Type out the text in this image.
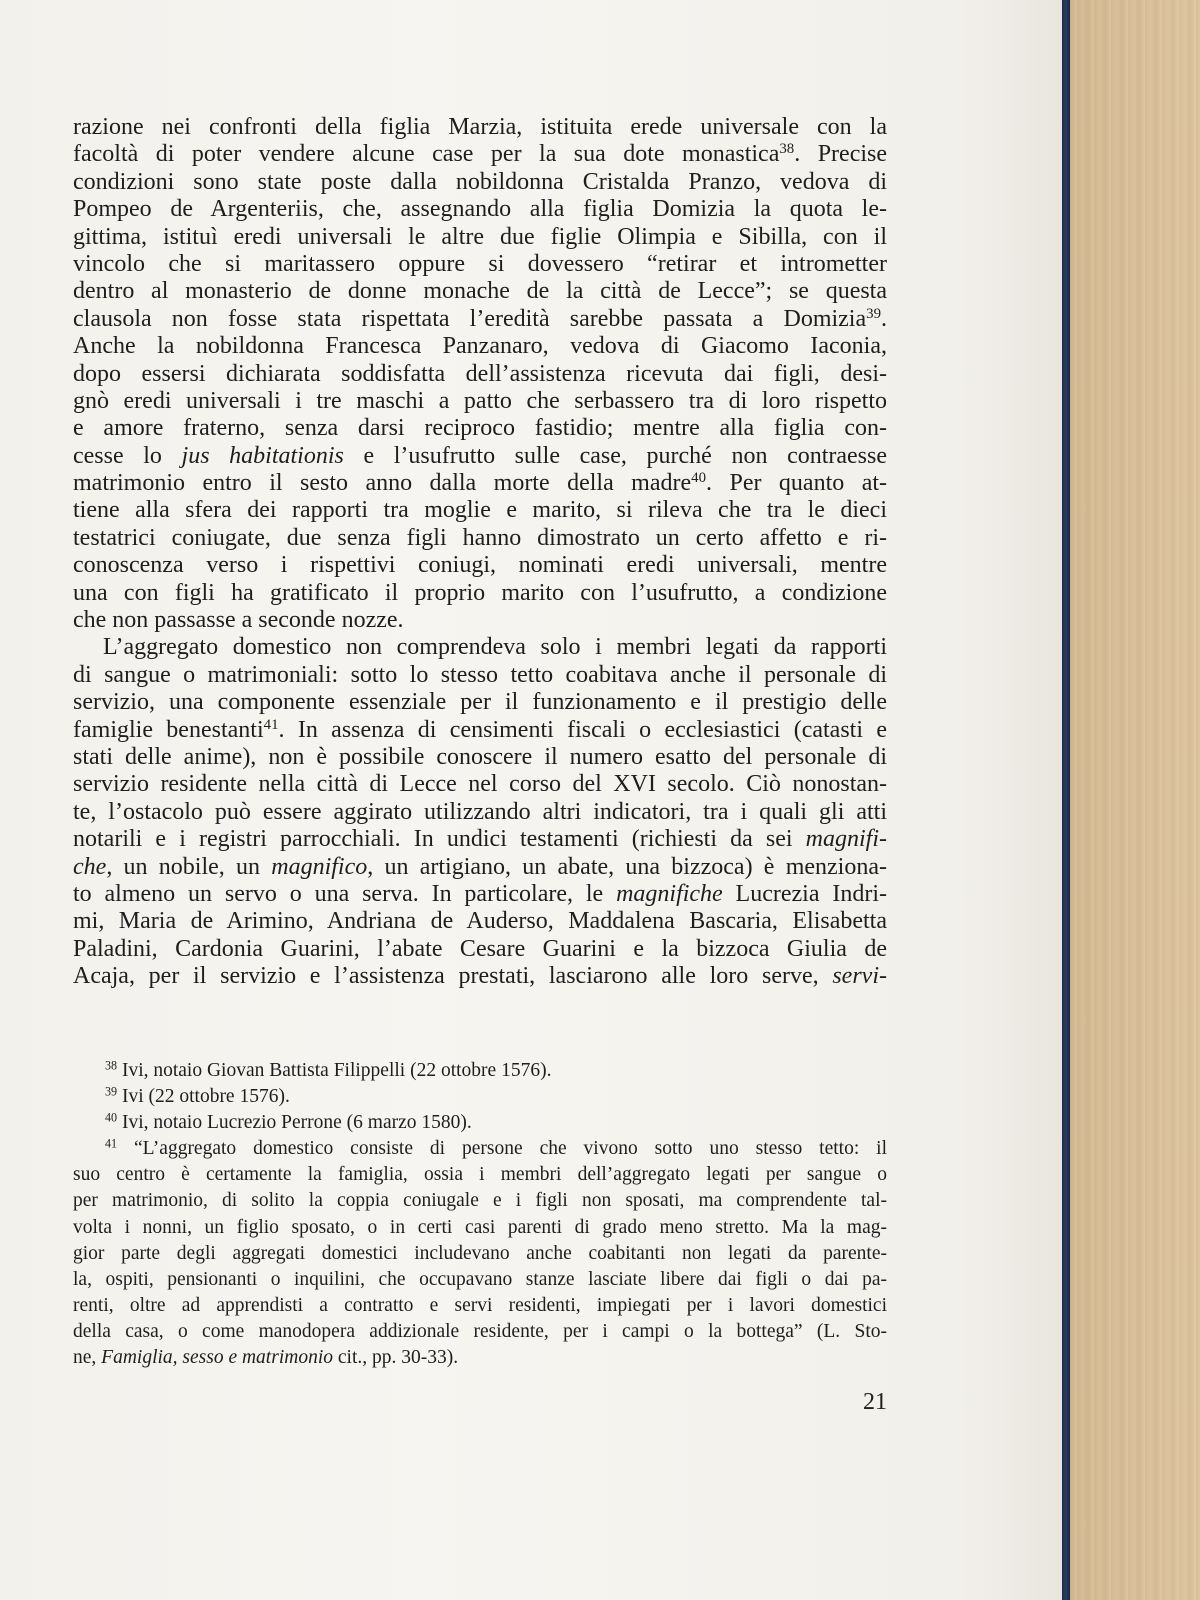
razione nei confronti della figlia Marzia, istituita erede universale con la
facoltà di poter vendere alcune case per la sua dote monastica$^{38}$. Precise
condizioni sono state poste dalla nobildonna Cristalda Pranzo, vedova di
Pompeo de Argenteriis, che, assegnando alla figlia Domizia la quota le-
gittima, istituì eredi universali le altre due figlie Olimpia e Sibilla, con il
vincolo che si maritassero oppure si dovessero “retirar et intrometter
dentro al monasterio de donne monache de la città de Lecce”; se questa
clausola non fosse stata rispettata l’eredità sarebbe passata a Domizia$^{39}$.
Anche la nobildonna Francesca Panzanaro, vedova di Giacomo Iaconia,
dopo essersi dichiarata soddisfatta dell’assistenza ricevuta dai figli, desi-
gnò eredi universali i tre maschi a patto che serbassero tra di loro rispetto
e amore fraterno, senza darsi reciproco fastidio; mentre alla figlia con-
cesse lo jus habitationis e l’usufrutto sulle case, purché non contraesse
matrimonio entro il sesto anno dalla morte della madre$^{40}$. Per quanto at-
tiene alla sfera dei rapporti tra moglie e marito, si rileva che tra le dieci
testatrici coniugate, due senza figli hanno dimostrato un certo affetto e ri-
conoscenza verso i rispettivi coniugi, nominati eredi universali, mentre
una con figli ha gratificato il proprio marito con l’usufrutto, a condizione
che non passasse a seconde nozze.
L’aggregato domestico non comprendeva solo i membri legati da rapporti
di sangue o matrimoniali: sotto lo stesso tetto coabitava anche il personale di
servizio, una componente essenziale per il funzionamento e il prestigio delle
famiglie benestanti$^{41}$. In assenza di censimenti fiscali o ecclesiastici (catasti e
stati delle anime), non è possibile conoscere il numero esatto del personale di
servizio residente nella città di Lecce nel corso del XVI secolo. Ciò nonostan-
te, l’ostacolo può essere aggirato utilizzando altri indicatori, tra i quali gli atti
notarili e i registri parrocchiali. In undici testamenti (richiesti da sei magnifi-
che, un nobile, un magnifico, un artigiano, un abate, una bizzoca) è menziona-
to almeno un servo o una serva. In particolare, le magnifiche Lucrezia Indri-
mi, Maria de Arimino, Andriana de Auderso, Maddalena Bascaria, Elisabetta
Paladini, Cardonia Guarini, l’abate Cesare Guarini e la bizzoca Giulia de
Acaja, per il servizio e l’assistenza prestati, lasciarono alle loro serve, servi-
$^{38}$ Ivi, notaio Giovan Battista Filippelli (22 ottobre 1576).
$^{39}$ Ivi (22 ottobre 1576).
$^{40}$ Ivi, notaio Lucrezio Perrone (6 marzo 1580).
$^{41}$ “L’aggregato domestico consiste di persone che vivono sotto uno stesso tetto: il
suo centro è certamente la famiglia, ossia i membri dell’aggregato legati per sangue o
per matrimonio, di solito la coppia coniugale e i figli non sposati, ma comprendente tal-
volta i nonni, un figlio sposato, o in certi casi parenti di grado meno stretto. Ma la mag-
gior parte degli aggregati domestici includevano anche coabitanti non legati da parente-
la, ospiti, pensionanti o inquilini, che occupavano stanze lasciate libere dai figli o dai pa-
renti, oltre ad apprendisti a contratto e servi residenti, impiegati per i lavori domestici
della casa, o come manodopera addizionale residente, per i campi o la bottega” (L. Sto-
ne, Famiglia, sesso e matrimonio cit., pp. 30-33).
21
